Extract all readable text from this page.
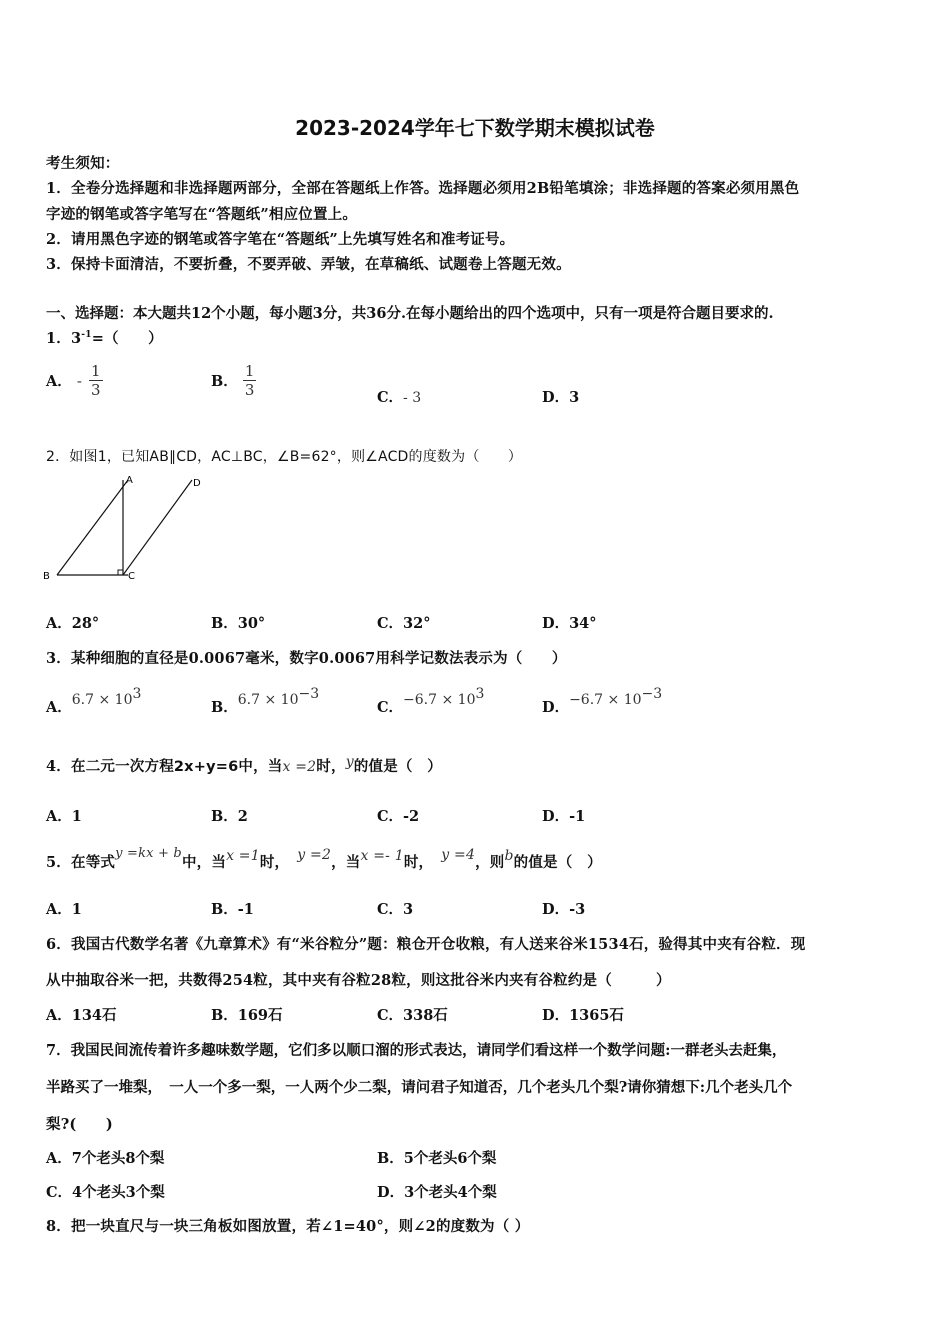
2023-2024学年七下数学期末模拟试卷
考生须知：
1．全卷分选择题和非选择题两部分，全部在答题纸上作答。选择题必须用2B铅笔填涂；非选择题的答案必须用黑色
字迹的钢笔或答字笔写在“答题纸”相应位置上。
2．请用黑色字迹的钢笔或答字笔在“答题纸”上先填写姓名和准考证号。
3．保持卡面清洁，不要折叠，不要弄破、弄皱，在草稿纸、试题卷上答题无效。
一、选择题：本大题共12个小题，每小题3分，共36分.在每小题给出的四个选项中，只有一项是符合题目要求的.
1．$3^{-1}=$（　　）
A． - $\frac{1}{3}$	B． $\frac{1}{3}$	C．- 3	D．3
2．如图1，已知AB∥CD，AC⊥BC，∠B=62°，则∠ACD的度数为（　　）
A
B	C
D
A．28°	B．30°	C．32°	D．34°
3．某种细胞的直径是0.0067毫米，数字0.0067用科学记数法表示为（　　）
A．6.7 × 103
B．6.7 × 10−3
C．−6.7 × 103
D．−6.7 × 10−3
4．在二元一次方程2x+y=6中，当x =2时，y的值是（　）
A．1	B．2	C．-2	D．-1
5．在等式y =kx + b中，当x =1时， y =2，当x =- 1时， y =4，则b的值是（　）
A．1	B．-1	C．3	D．-3
6．我国古代数学名著《九章算术》有“米谷粒分”题：粮仓开仓收粮，有人送来谷米1534石，验得其中夹有谷粒．现
从中抽取谷米一把，共数得254粒，其中夹有谷粒28粒，则这批谷米内夹有谷粒约是（　　　）
A．134石	B．169石	C．338石	D．1365石
7．我国民间流传着许多趣味数学题，它们多以顺口溜的形式表达，请同学们看这样一个数学问题:一群老头去赶集，
半路买了一堆梨，　一人一个多一梨，一人两个少二梨，请问君子知道否，几个老头几个梨?请你猜想下:几个老头几个
梨?(　　)
A．7个老头8个梨	B．5个老头6个梨
C．4个老头3个梨	D．3个老头4个梨
8．把一块直尺与一块三角板如图放置，若∠1=40°，则∠2的度数为（ ）
